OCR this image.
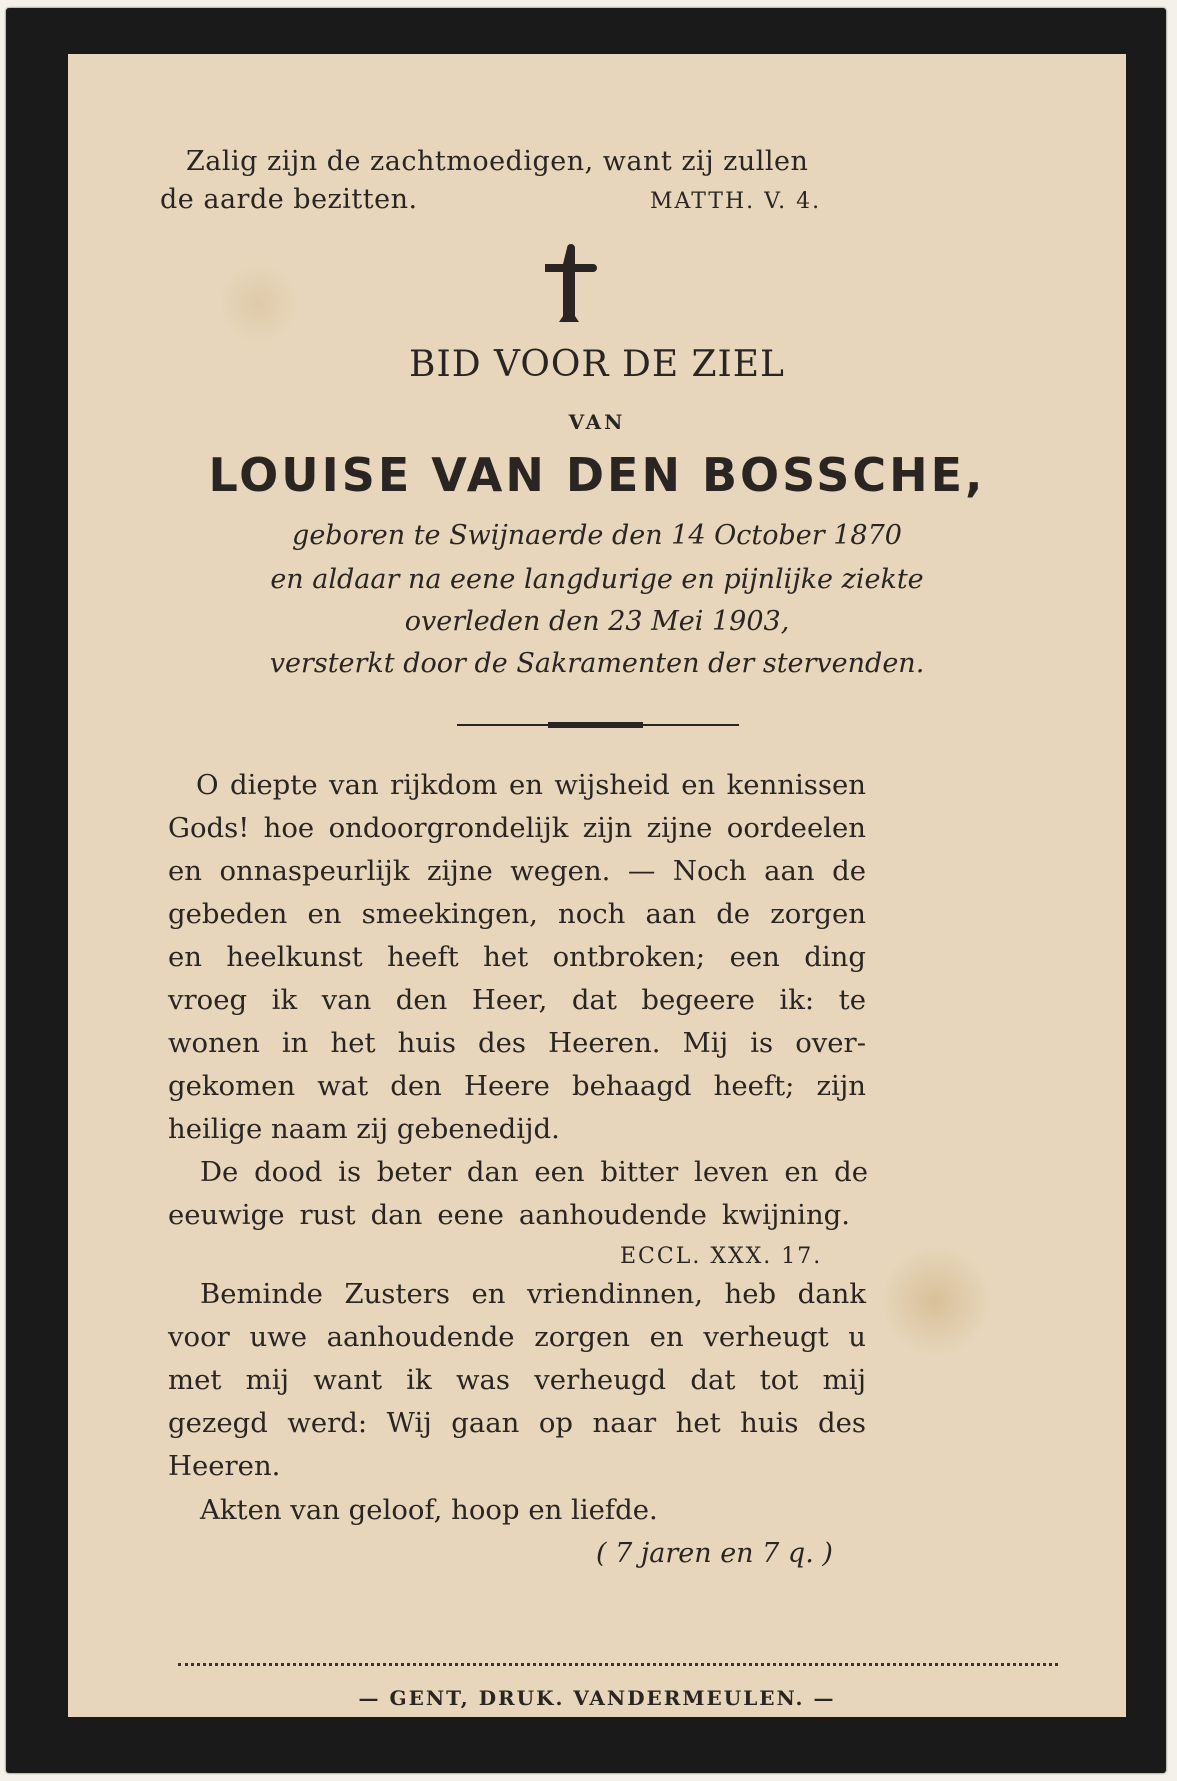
Zalig zijn de zachtmoedigen, want zij zullen
de aarde bezitten.	MATTH. V. 4.
BID VOOR DE ZIEL
VAN
LOUISE VAN DEN BOSSCHE,
geboren te Swijnaerde den 14 October 1870
en aldaar na eene langdurige en pijnlijke ziekte
overleden den 23 Mei 1903,
versterkt door de Sakramenten der stervenden.
O diepte van rijkdom en wijsheid en kennissen
Gods! hoe ondoorgrondelijk zijn zijne oordeelen
en onnaspeurlijk zijne wegen. — Noch aan de
gebeden en smeekingen, noch aan de zorgen
en heelkunst heeft het ontbroken; een ding
vroeg ik van den Heer, dat begeere ik: te
wonen in het huis des Heeren. Mij is over-
gekomen wat den Heere behaagd heeft; zijn
heilige naam zij gebenedijd.
De dood is beter dan een bitter leven en de
eeuwige rust dan eene aanhoudende kwijning.
ECCL. XXX. 17.
Beminde Zusters en vriendinnen, heb dank
voor uwe aanhoudende zorgen en verheugt u
met mij want ik was verheugd dat tot mij
gezegd werd: Wij gaan op naar het huis des
Heeren.
Akten van geloof, hoop en liefde.
( 7 jaren en 7 q. )
— GENT, DRUK. VANDERMEULEN. —
